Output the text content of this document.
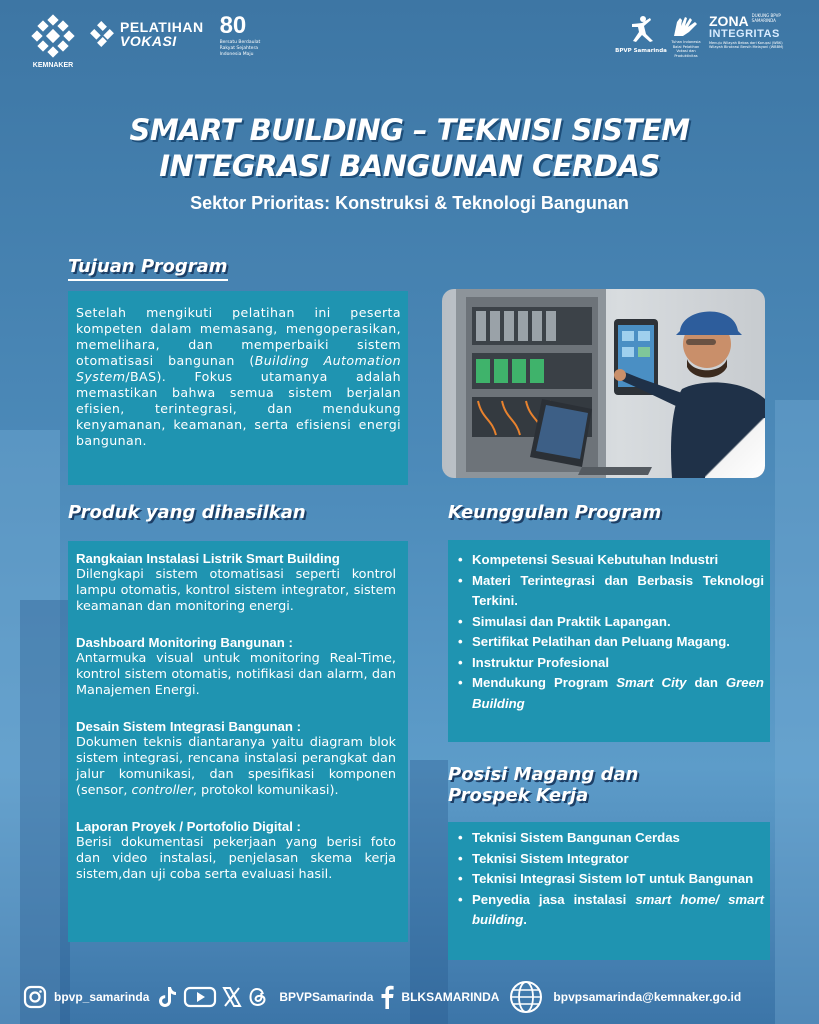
KEMNAKER
PELATIHAN
VOKASI
80
Bersatu Berdaulat Rakyat Sejahtera Indonesia Maju
BPVP Samarinda
Tuhan Indonesia Balai Pelatihan Vokasi dan Produktivitas
ZONA DUKUNG BPVP SAMARINDA
INTEGRITAS
Menuju Wilayah Bebas dari Korupsi (WBK) Wilayah Birokrasi Bersih Melayani (WBBM)
SMART BUILDING – TEKNISI SISTEM
INTEGRASI BANGUNAN CERDAS
Sektor Prioritas: Konstruksi & Teknologi Bangunan
Tujuan Program
Setelah mengikuti pelatihan ini peserta kompeten dalam memasang, mengoperasikan, memelihara, dan memperbaiki sistem otomatisasi bangunan (Building Automation System/BAS). Fokus utamanya adalah memastikan bahwa semua sistem berjalan efisien, terintegrasi, dan mendukung kenyamanan, keamanan, serta efisiensi energi bangunan.
Produk yang dihasilkan
Rangkaian Instalasi Listrik Smart Building
Dilengkapi sistem otomatisasi seperti kontrol lampu otomatis, kontrol sistem integrator, sistem keamanan dan monitoring energi.
Dashboard Monitoring Bangunan :
Antarmuka visual untuk monitoring Real-Time, kontrol sistem otomatis, notifikasi dan alarm, dan Manajemen Energi.
Desain Sistem Integrasi Bangunan :
Dokumen teknis diantaranya yaitu diagram blok sistem integrasi, rencana instalasi perangkat dan jalur komunikasi, dan spesifikasi komponen (sensor, controller, protokol komunikasi).
Laporan Proyek / Portofolio Digital :
Berisi dokumentasi pekerjaan yang berisi foto dan video instalasi, penjelasan skema kerja sistem,dan uji coba serta evaluasi hasil.
Keunggulan Program
• Kompetensi Sesuai Kebutuhan Industri
• Materi Terintegrasi dan Berbasis Teknologi Terkini.
• Simulasi dan Praktik Lapangan.
• Sertifikat Pelatihan dan Peluang Magang.
• Instruktur Profesional
• Mendukung Program Smart City dan Green Building
Posisi Magang dan
Prospek Kerja
• Teknisi Sistem Bangunan Cerdas
• Teknisi Sistem Integrator
• Teknisi Integrasi Sistem IoT untuk Bangunan
• Penyedia jasa instalasi smart home/ smart building.
bpvp_samarinda	BPVPSamarinda BLKSAMARINDA	bpvpsamarinda@kemnaker.go.id
